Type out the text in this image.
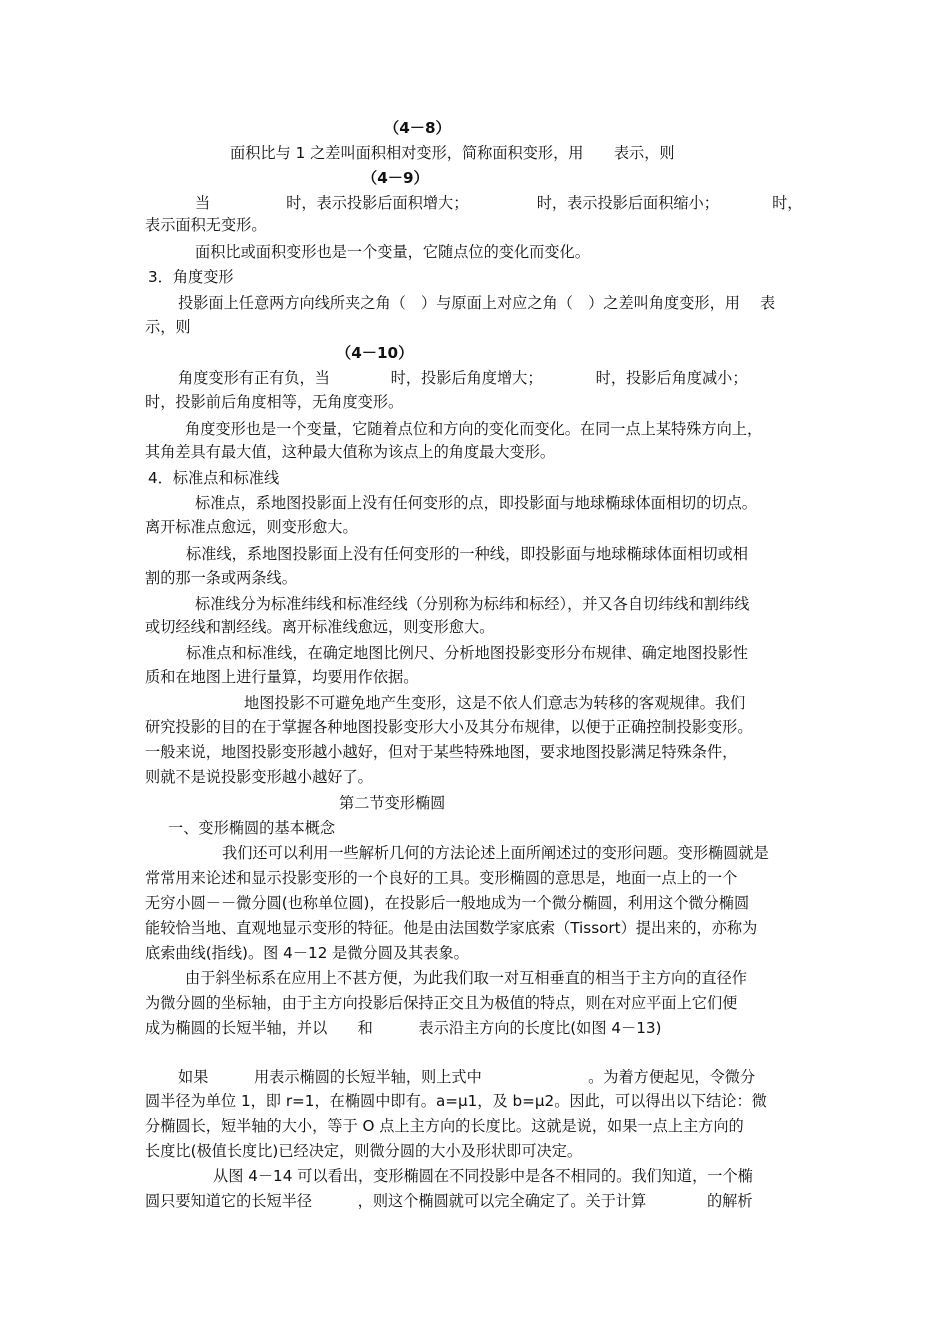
（4－8）
面积比与 1 之差叫面积相对变形，简称面积变形，用　　表示，则
（4－9）
当　　　　　时，表示投影后面积增大；　　　　　时，表示投影后面积缩小；　　　　时，
表示面积无变形。
面积比或面积变形也是一个变量，它随点位的变化而变化。
3．角度变形
投影面上任意两方向线所夹之角（　）与原面上对应之角（　）之差叫角度变形，用　 表
示，则
（4－10）
角度变形有正有负，当　　　　时，投影后角度增大；　　　　时，投影后角度减小；
时，投影前后角度相等，无角度变形。
角度变形也是一个变量，它随着点位和方向的变化而变化。在同一点上某特殊方向上，
其角差具有最大值，这种最大值称为该点上的角度最大变形。
4．标准点和标准线
标准点，系地图投影面上没有任何变形的点，即投影面与地球椭球体面相切的切点。
离开标准点愈远，则变形愈大。
标准线，系地图投影面上没有任何变形的一种线，即投影面与地球椭球体面相切或相
割的那一条或两条线。
标准线分为标准纬线和标准经线（分别称为标纬和标经），并又各自切纬线和割纬线
或切经线和割经线。离开标准线愈远，则变形愈大。
标准点和标准线，在确定地图比例尺、分析地图投影变形分布规律、确定地图投影性
质和在地图上进行量算，均要用作依据。
地图投影不可避免地产生变形，这是不依人们意志为转移的客观规律。我们
研究投影的目的在于掌握各种地图投影变形大小及其分布规律，以便于正确控制投影变形。
一般来说，地图投影变形越小越好，但对于某些特殊地图，要求地图投影满足特殊条件，
则就不是说投影变形越小越好了。
第二节变形椭圆
一、变形椭圆的基本概念
我们还可以利用一些解析几何的方法论述上面所阐述过的变形问题。变形椭圆就是
常常用来论述和显示投影变形的一个良好的工具。变形椭圆的意思是，地面一点上的一个
无穷小圆－－微分圆(也称单位圆)，在投影后一般地成为一个微分椭圆，利用这个微分椭圆
能较恰当地、直观地显示变形的特征。他是由法国数学家底索（Tissort）提出来的，亦称为
底索曲线(指线)。图 4－12 是微分圆及其表象。
由于斜坐标系在应用上不甚方便，为此我们取一对互相垂直的相当于主方向的直径作
为微分圆的坐标轴，由于主方向投影后保持正交且为极值的特点，则在对应平面上它们便
成为椭圆的长短半轴，并以　　和　　　表示沿主方向的长度比(如图 4－13)
如果　　　用表示椭圆的长短半轴，则上式中　　　　　　　。为着方便起见，令微分
圆半径为单位 1，即 r=1，在椭圆中即有。a=μ1，及 b=μ2。因此，可以得出以下结论：微
分椭圆长，短半轴的大小，等于 O 点上主方向的长度比。这就是说，如果一点上主方向的
长度比(极值长度比)已经决定，则微分圆的大小及形状即可决定。
从图 4－14 可以看出，变形椭圆在不同投影中是各不相同的。我们知道，一个椭
圆只要知道它的长短半径　　　，则这个椭圆就可以完全确定了。关于计算　　　　的解析
